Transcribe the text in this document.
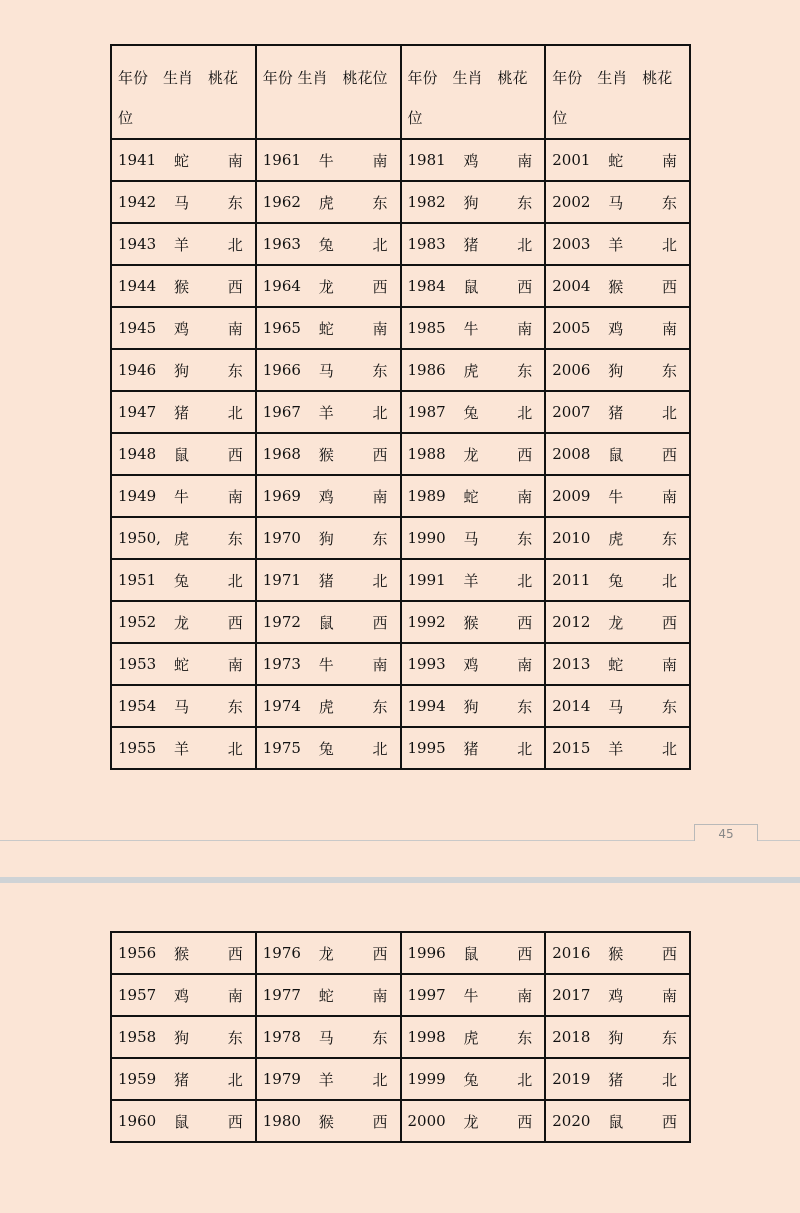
年份　生肖　桃花位	年份 生肖　桃花位	年份　生肖　桃花位	年份　生肖　桃花位

1941 蛇 南	1961 牛 南	1981 鸡 南	2001 蛇 南

1942 马 东	1962 虎 东	1982 狗 东	2002 马 东

1943 羊 北	1963 兔 北	1983 猪 北	2003 羊 北

1944 猴 西	1964 龙 西	1984 鼠 西	2004 猴 西

1945 鸡 南	1965 蛇 南	1985 牛 南	2005 鸡 南

1946 狗 东	1966 马 东	1986 虎 东	2006 狗 东

1947 猪 北	1967 羊 北	1987 兔 北	2007 猪 北

1948 鼠 西	1968 猴 西	1988 龙 西	2008 鼠 西

1949 牛 南	1969 鸡 南	1989 蛇 南	2009 牛 南

1950, 虎 东	1970 狗 东	1990 马 东	2010 虎 东

1951 兔 北	1971 猪 北	1991 羊 北	2011 兔 北

1952 龙 西	1972 鼠 西	1992 猴 西	2012 龙 西

1953 蛇 南	1973 牛 南	1993 鸡 南	2013 蛇 南

1954 马 东	1974 虎 东	1994 狗 东	2014 马 东

1955 羊 北	1975 兔 北	1995 猪 北	2015 羊 北
45
1956 猴 西	1976 龙 西	1996 鼠 西	2016 猴 西

1957 鸡 南	1977 蛇 南	1997 牛 南	2017 鸡 南

1958 狗 东	1978 马 东	1998 虎 东	2018 狗 东

1959 猪 北	1979 羊 北	1999 兔 北	2019 猪 北

1960 鼠 西	1980 猴 西	2000 龙 西	2020 鼠 西
